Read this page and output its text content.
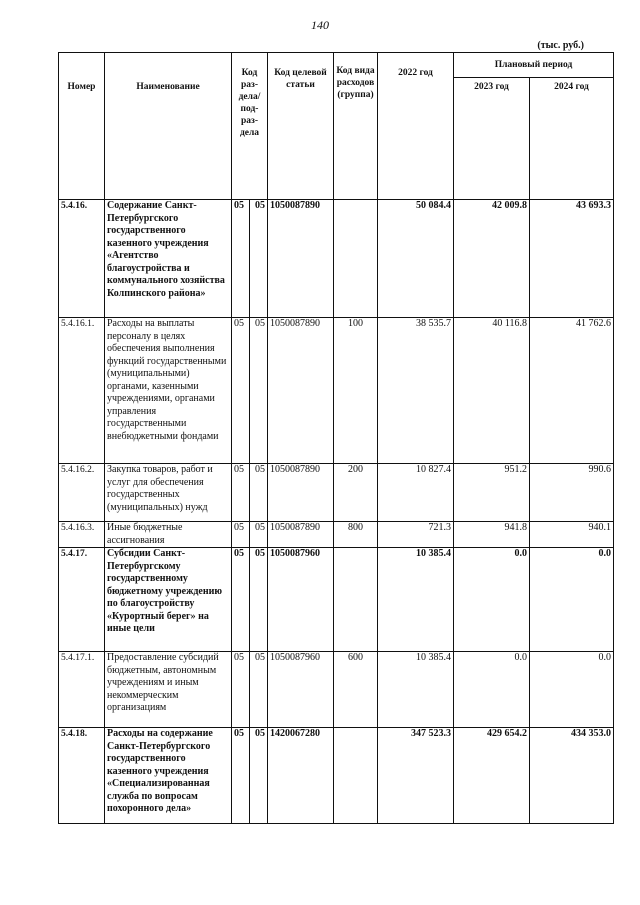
140
(тыс. руб.)
Номер	Наименование	Код раз-дела/ под-раз-дела		Код целевой статьи	Код вида расходов (группа)	2022 год	Плановый период	
							2023 год	2024 год
5.4.16.	Содержание Санкт-Петербургского государственного казенного учреждения «Агентство благоустройства и коммунального хозяйства Колпинского района»	05	05	1050087890		50 084.4	42 009.8	43 693.3
5.4.16.1.	Расходы на выплаты персоналу в целях обеспечения выполнения функций государственными (муниципальными) органами, казенными учреждениями, органами управления государственными внебюджетными фондами	05	05	1050087890	100	38 535.7	40 116.8	41 762.6
5.4.16.2.	Закупка товаров, работ и услуг для обеспечения государственных (муниципальных) нужд	05	05	1050087890	200	10 827.4	951.2	990.6
5.4.16.3.	Иные бюджетные ассигнования	05	05	1050087890	800	721.3	941.8	940.1
5.4.17.	Субсидии Санкт-Петербургскому государственному бюджетному учреждению по благоустройству «Курортный берег» на иные цели	05	05	1050087960		10 385.4	0.0	0.0
5.4.17.1.	Предоставление субсидий бюджетным, автономным учреждениям и иным некоммерческим организациям	05	05	1050087960	600	10 385.4	0.0	0.0
5.4.18.	Расходы на содержание Санкт-Петербургского государственного казенного учреждения «Специализированная служба по вопросам похоронного дела»	05	05	1420067280		347 523.3	429 654.2	434 353.0
